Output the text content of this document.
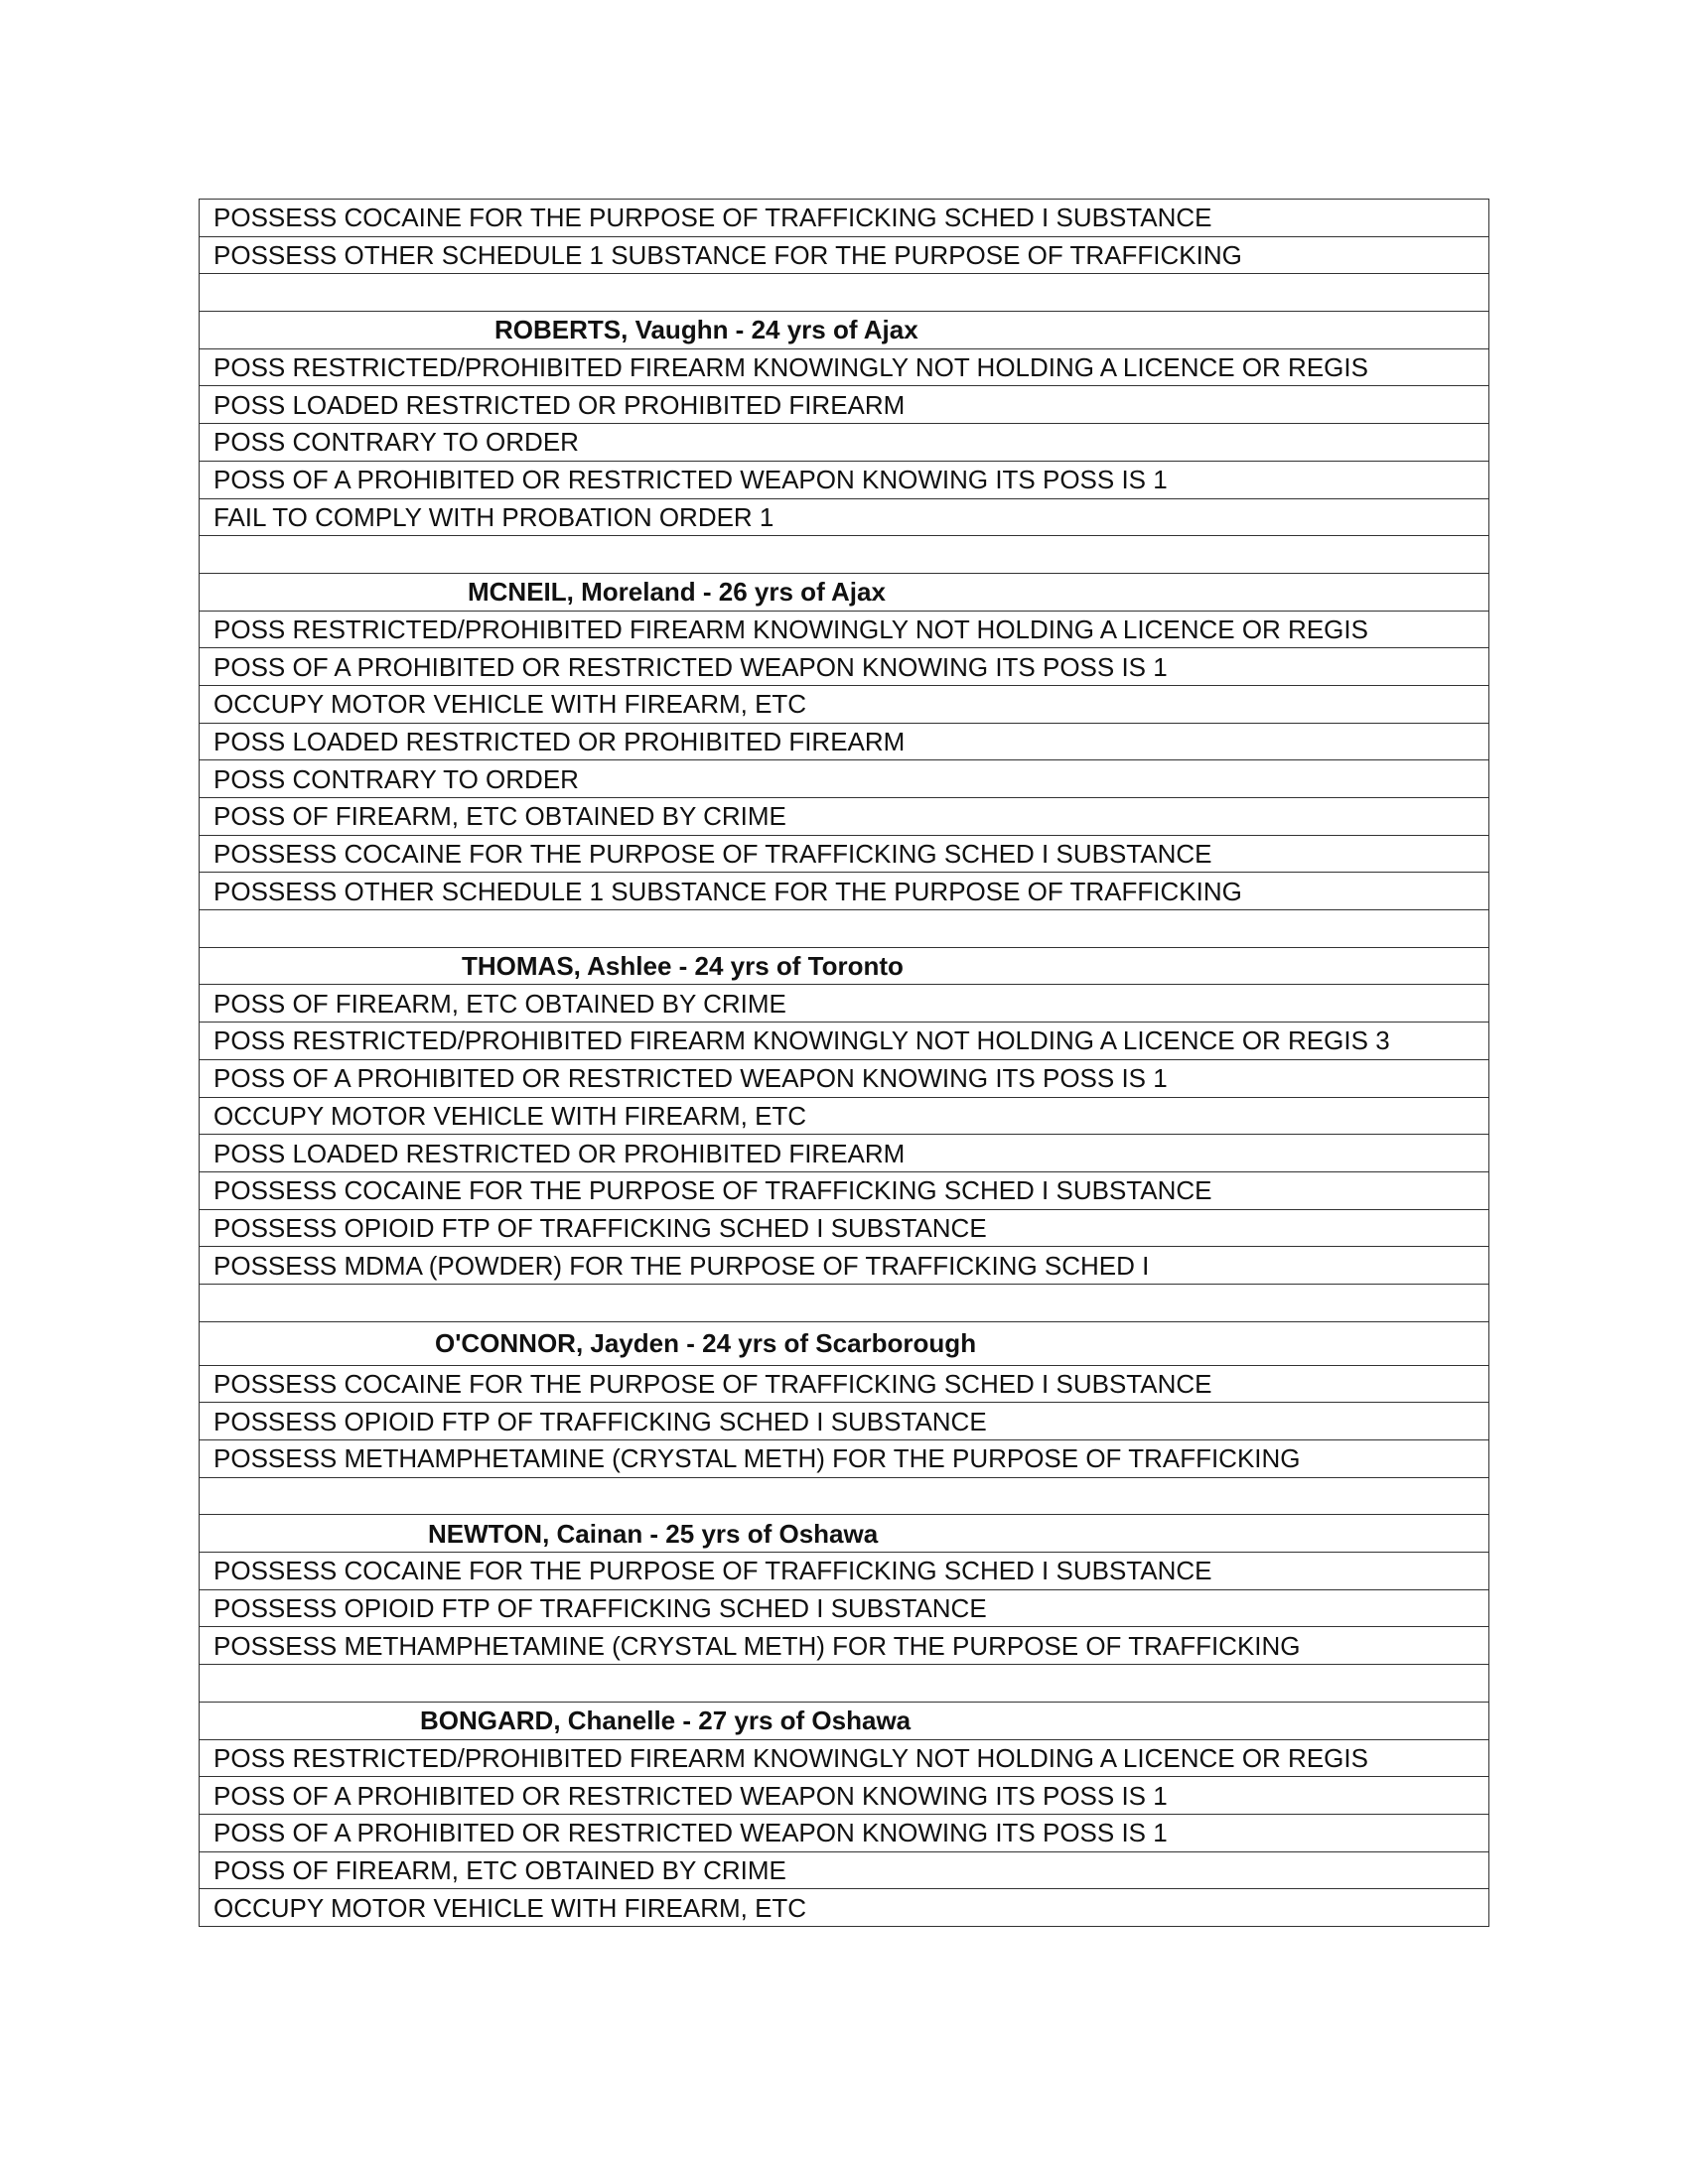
POSSESS COCAINE FOR THE PURPOSE OF TRAFFICKING SCHED I SUBSTANCE
POSSESS OTHER SCHEDULE 1 SUBSTANCE FOR THE PURPOSE OF TRAFFICKING

ROBERTS, Vaughn - 24 yrs of Ajax
POSS RESTRICTED/PROHIBITED FIREARM KNOWINGLY NOT HOLDING A LICENCE OR REGIS
POSS LOADED RESTRICTED OR PROHIBITED FIREARM
POSS CONTRARY TO ORDER
POSS OF A PROHIBITED OR RESTRICTED WEAPON KNOWING ITS POSS IS 1
FAIL TO COMPLY WITH PROBATION ORDER 1

MCNEIL, Moreland - 26 yrs of Ajax
POSS RESTRICTED/PROHIBITED FIREARM KNOWINGLY NOT HOLDING A LICENCE OR REGIS
POSS OF A PROHIBITED OR RESTRICTED WEAPON KNOWING ITS POSS IS 1
OCCUPY MOTOR VEHICLE WITH FIREARM, ETC
POSS LOADED RESTRICTED OR PROHIBITED FIREARM
POSS CONTRARY TO ORDER
POSS OF FIREARM, ETC OBTAINED BY CRIME
POSSESS COCAINE FOR THE PURPOSE OF TRAFFICKING SCHED I SUBSTANCE
POSSESS OTHER SCHEDULE 1 SUBSTANCE FOR THE PURPOSE OF TRAFFICKING

THOMAS, Ashlee - 24 yrs of Toronto
POSS OF FIREARM, ETC OBTAINED BY CRIME
POSS RESTRICTED/PROHIBITED FIREARM KNOWINGLY NOT HOLDING A LICENCE OR REGIS 3
POSS OF A PROHIBITED OR RESTRICTED WEAPON KNOWING ITS POSS IS 1
OCCUPY MOTOR VEHICLE WITH FIREARM, ETC
POSS LOADED RESTRICTED OR PROHIBITED FIREARM
POSSESS COCAINE FOR THE PURPOSE OF TRAFFICKING SCHED I SUBSTANCE
POSSESS OPIOID FTP OF TRAFFICKING SCHED I SUBSTANCE
POSSESS MDMA (POWDER) FOR THE PURPOSE OF TRAFFICKING SCHED I

O'CONNOR, Jayden - 24 yrs of Scarborough
POSSESS COCAINE FOR THE PURPOSE OF TRAFFICKING SCHED I SUBSTANCE
POSSESS OPIOID FTP OF TRAFFICKING SCHED I SUBSTANCE
POSSESS METHAMPHETAMINE (CRYSTAL METH) FOR THE PURPOSE OF TRAFFICKING

NEWTON, Cainan - 25 yrs of Oshawa
POSSESS COCAINE FOR THE PURPOSE OF TRAFFICKING SCHED I SUBSTANCE
POSSESS OPIOID FTP OF TRAFFICKING SCHED I SUBSTANCE
POSSESS METHAMPHETAMINE (CRYSTAL METH) FOR THE PURPOSE OF TRAFFICKING

BONGARD, Chanelle - 27 yrs of Oshawa
POSS RESTRICTED/PROHIBITED FIREARM KNOWINGLY NOT HOLDING A LICENCE OR REGIS
POSS OF A PROHIBITED OR RESTRICTED WEAPON KNOWING ITS POSS IS 1
POSS OF A PROHIBITED OR RESTRICTED WEAPON KNOWING ITS POSS IS 1
POSS OF FIREARM, ETC OBTAINED BY CRIME
OCCUPY MOTOR VEHICLE WITH FIREARM, ETC
